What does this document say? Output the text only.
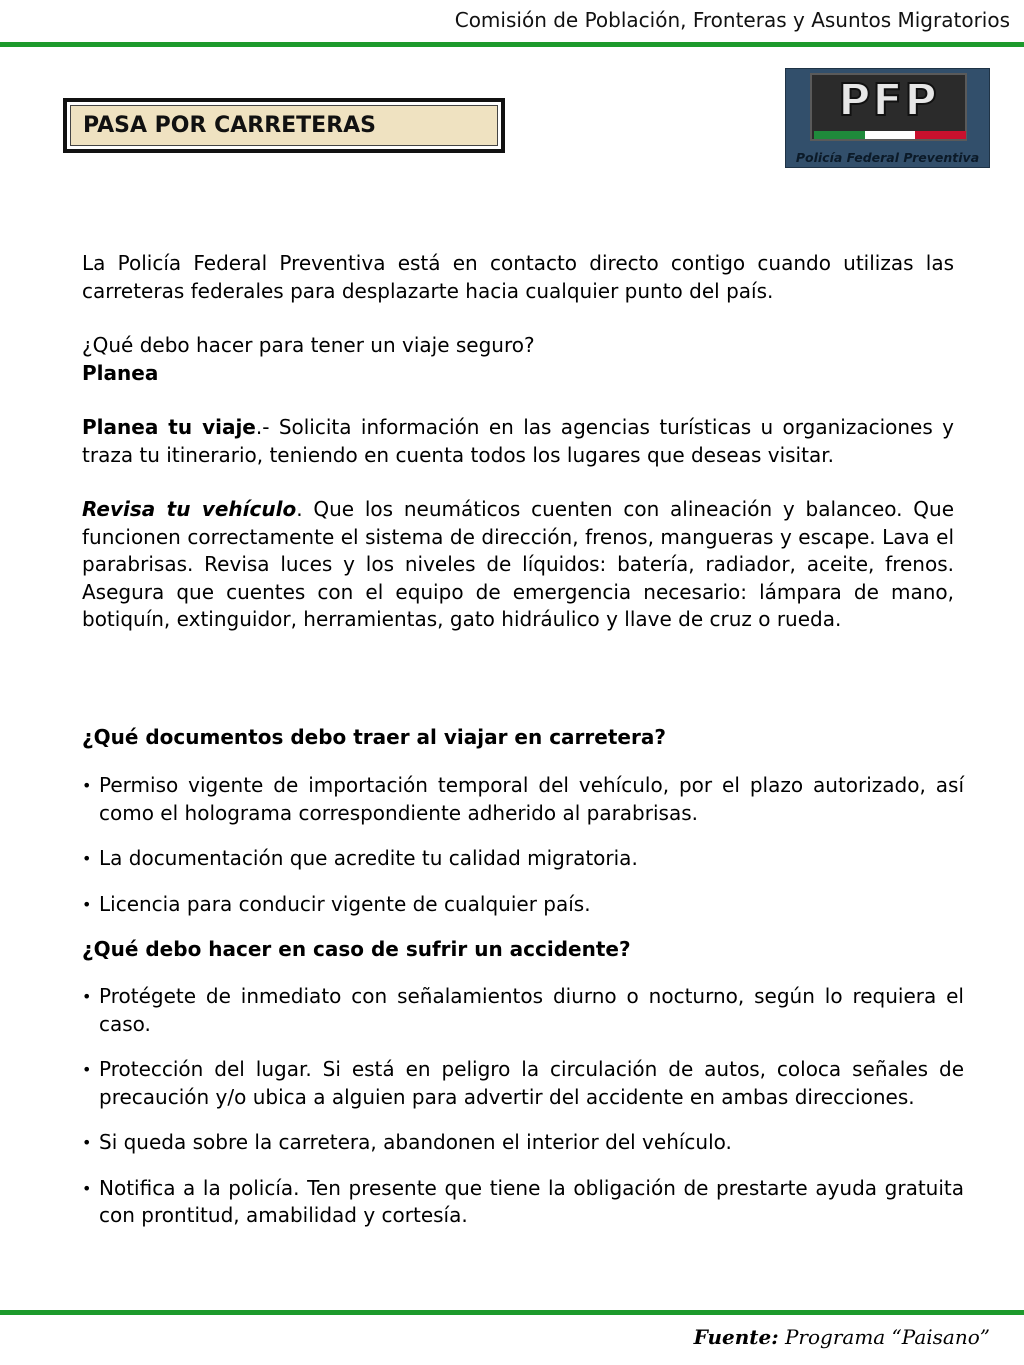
Comisión de Población, Fronteras y Asuntos Migratorios
PASA POR CARRETERAS	PFP
Policía Federal Preventiva

La Policía Federal Preventiva está en contacto directo contigo cuando utilizas las carreteras federales para desplazarte hacia cualquier punto del país.

¿Qué debo hacer para tener un viaje seguro?

Planea

Planea tu viaje.- Solicita información en las agencias turísticas u organizaciones y traza tu itinerario, teniendo en cuenta todos los lugares que deseas visitar.

Revisa tu vehículo. Que los neumáticos cuenten con alineación y balanceo. Que funcionen correctamente el sistema de dirección, frenos, mangueras y escape. Lava el parabrisas. Revisa luces y los niveles de líquidos: batería, radiador, aceite, frenos. Asegura que cuentes con el equipo de emergencia necesario: lámpara de mano, botiquín, extinguidor, herramientas, gato hidráulico y llave de cruz o rueda.

¿Qué documentos debo traer al viajar en carretera?
• Permiso vigente de importación temporal del vehículo, por el plazo autorizado, así como el holograma correspondiente adherido al parabrisas.
• La documentación que acredite tu calidad migratoria.
• Licencia para conducir vigente de cualquier país.
¿Qué debo hacer en caso de sufrir un accidente?
• Protégete de inmediato con señalamientos diurno o nocturno, según lo requiera el caso.
• Protección del lugar. Si está en peligro la circulación de autos, coloca señales de precaución y/o ubica a alguien para advertir del accidente en ambas direcciones.
• Si queda sobre la carretera, abandonen el interior del vehículo.
• Notifica a la policía. Ten presente que tiene la obligación de prestarte ayuda gratuita con prontitud, amabilidad y cortesía.
Fuente: Programa “Paisano”
